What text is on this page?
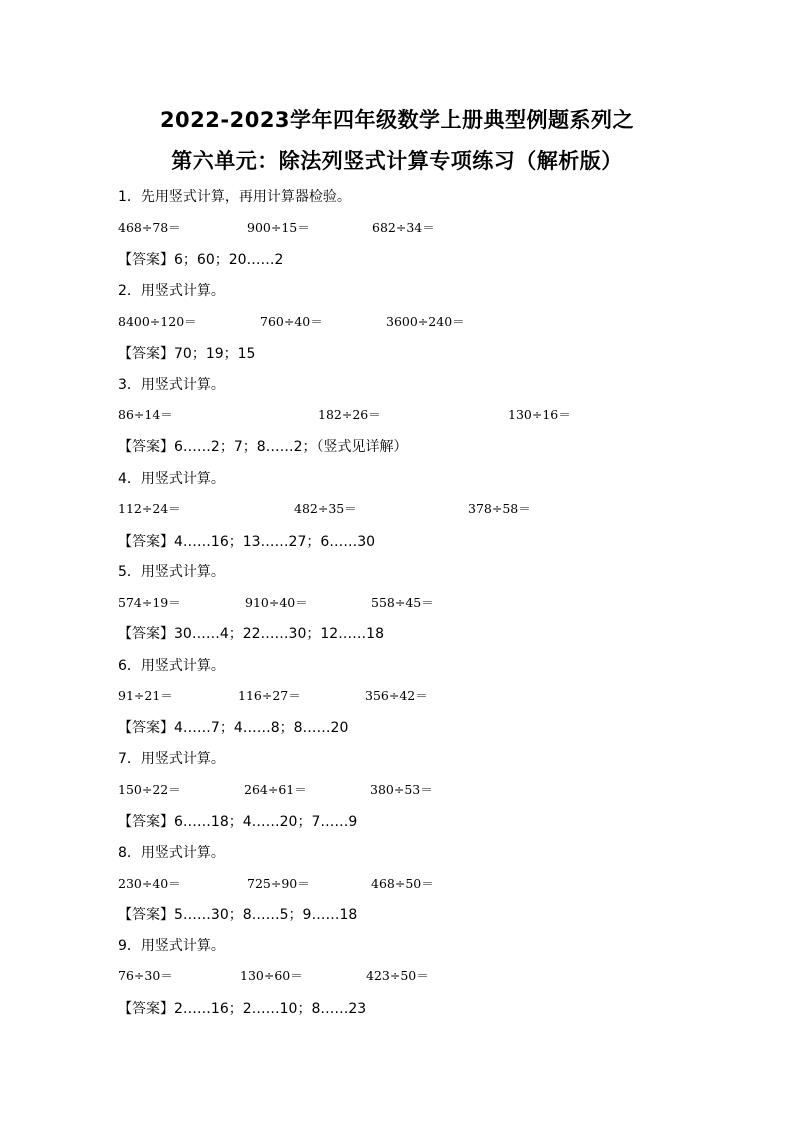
2022-2023学年四年级数学上册典型例题系列之
第六单元：除法列竖式计算专项练习（解析版）
1．先用竖式计算，再用计算器检验。
468÷78＝	900÷15＝	682÷34＝
【答案】6；60；20……2
2．用竖式计算。
8400÷120＝	760÷40＝	3600÷240＝
【答案】70；19；15
3．用竖式计算。
86÷14＝	182÷26＝	130÷16＝
【答案】6……2；7；8……2；（竖式见详解）
4．用竖式计算。
112÷24＝	482÷35＝	378÷58＝
【答案】4……16；13……27；6……30
5．用竖式计算。
574÷19＝	910÷40＝	558÷45＝
【答案】30……4；22……30；12……18
6．用竖式计算。
91÷21＝	116÷27＝	356÷42＝
【答案】4……7；4……8；8……20
7．用竖式计算。
150÷22＝	264÷61＝	380÷53＝
【答案】6……18；4……20；7……9
8．用竖式计算。
230÷40＝	725÷90＝	468÷50＝
【答案】5……30；8……5；9……18
9．用竖式计算。
76÷30＝	130÷60＝	423÷50＝
【答案】2……16；2……10；8……23
